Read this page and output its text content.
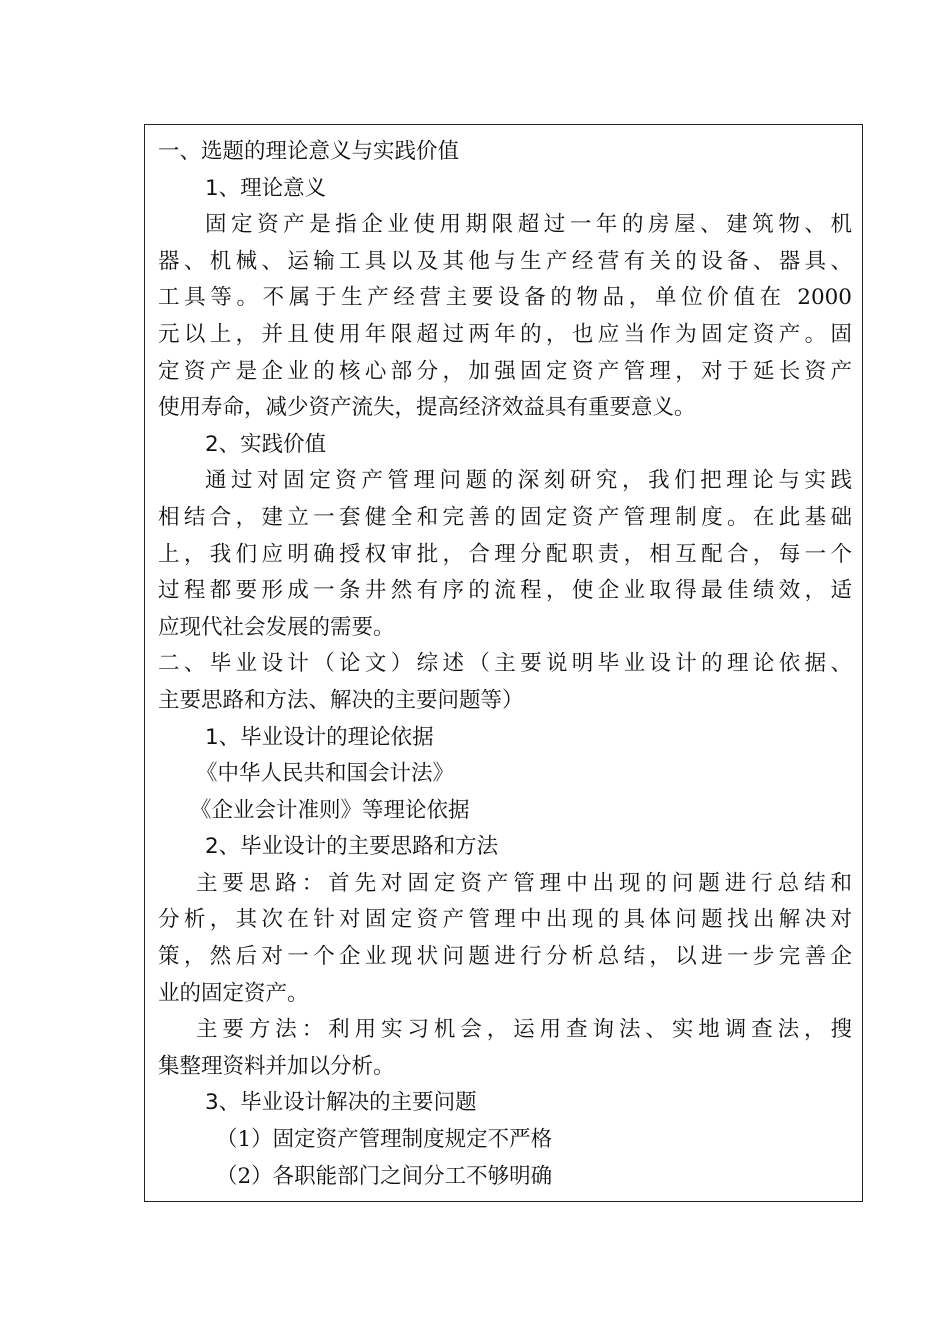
一、选题的理论意义与实践价值
1、理论意义
固定资产是指企业使用期限超过一年的房屋、建筑物、机
器、机械、运输工具以及其他与生产经营有关的设备、器具、
工具等。不属于生产经营主要设备的物品，单位价值在 2000
元以上，并且使用年限超过两年的，也应当作为固定资产。固
定资产是企业的核心部分，加强固定资产管理，对于延长资产
使用寿命，减少资产流失，提高经济效益具有重要意义。
2、实践价值
通过对固定资产管理问题的深刻研究，我们把理论与实践
相结合，建立一套健全和完善的固定资产管理制度。在此基础
上，我们应明确授权审批，合理分配职责，相互配合，每一个
过程都要形成一条井然有序的流程，使企业取得最佳绩效，适
应现代社会发展的需要。
二、毕业设计（论文）综述（主要说明毕业设计的理论依据、
主要思路和方法、解决的主要问题等）
1、毕业设计的理论依据
《中华人民共和国会计法》
《企业会计准则》等理论依据
2、毕业设计的主要思路和方法
主要思路：首先对固定资产管理中出现的问题进行总结和
分析，其次在针对固定资产管理中出现的具体问题找出解决对
策，然后对一个企业现状问题进行分析总结，以进一步完善企
业的固定资产。
主要方法：利用实习机会，运用查询法、实地调查法，搜
集整理资料并加以分析。
3、毕业设计解决的主要问题
（1）固定资产管理制度规定不严格
（2）各职能部门之间分工不够明确
